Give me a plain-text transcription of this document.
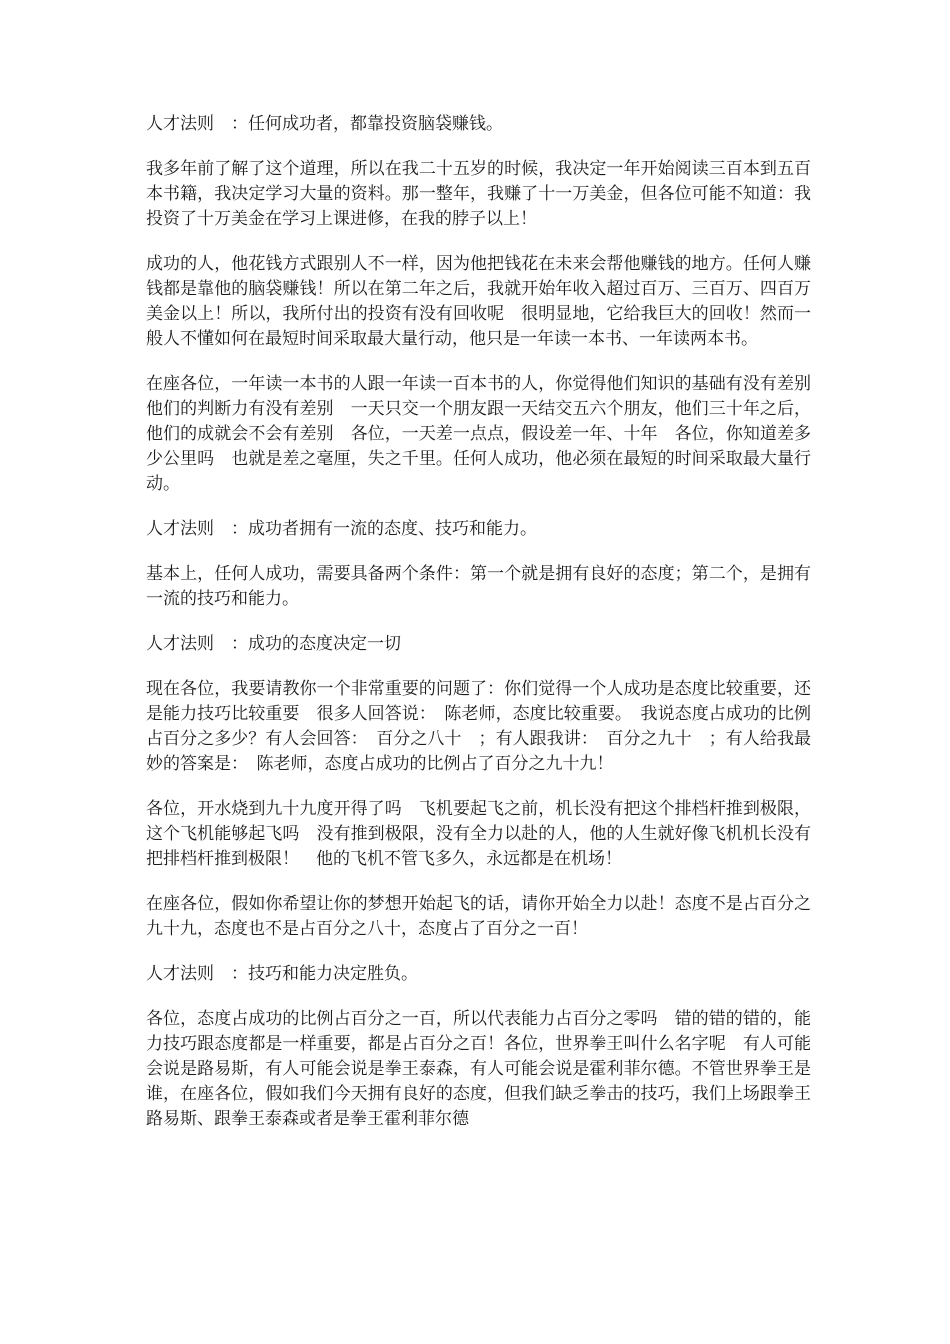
人才法则　：任何成功者，都靠投资脑袋赚钱。

我多年前了解了这个道理，所以在我二十五岁的时候，我决定一年开始阅读三百本到五百本书籍，我决定学习大量的资料。那一整年，我赚了十一万美金，但各位可能不知道：我投资了十万美金在学习上课进修，在我的脖子以上！

成功的人，他花钱方式跟别人不一样，因为他把钱花在未来会帮他赚钱的地方。任何人赚钱都是靠他的脑袋赚钱！所以在第二年之后，我就开始年收入超过百万、三百万、四百万美金以上！所以，我所付出的投资有没有回收呢　很明显地，它给我巨大的回收！然而一般人不懂如何在最短时间采取最大量行动，他只是一年读一本书、一年读两本书。

在座各位，一年读一本书的人跟一年读一百本书的人，你觉得他们知识的基础有没有差别　他们的判断力有没有差别　一天只交一个朋友跟一天结交五六个朋友，他们三十年之后，他们的成就会不会有差别　各位，一天差一点点，假设差一年、十年　各位，你知道差多少公里吗　也就是差之毫厘，失之千里。任何人成功，他必须在最短的时间采取最大量行动。

人才法则　：成功者拥有一流的态度、技巧和能力。

基本上，任何人成功，需要具备两个条件：第一个就是拥有良好的态度；第二个，是拥有一流的技巧和能力。

人才法则　：成功的态度决定一切

现在各位，我要请教你一个非常重要的问题了：你们觉得一个人成功是态度比较重要，还是能力技巧比较重要　很多人回答说：　陈老师，态度比较重要。　我说态度占成功的比例占百分之多少？有人会回答：　百分之八十　；有人跟我讲：　百分之九十　；有人给我最妙的答案是：　陈老师，态度占成功的比例占了百分之九十九！

各位，开水烧到九十九度开得了吗　飞机要起飞之前，机长没有把这个排档杆推到极限，这个飞机能够起飞吗　没有推到极限，没有全力以赴的人，他的人生就好像飞机机长没有把排档杆推到极限！　他的飞机不管飞多久，永远都是在机场！

在座各位，假如你希望让你的梦想开始起飞的话，请你开始全力以赴！态度不是占百分之九十九，态度也不是占百分之八十，态度占了百分之一百！

人才法则　：技巧和能力决定胜负。

各位，态度占成功的比例占百分之一百，所以代表能力占百分之零吗　错的错的错的，能力技巧跟态度都是一样重要，都是占百分之百！各位，世界拳王叫什么名字呢　有人可能会说是路易斯，有人可能会说是拳王泰森，有人可能会说是霍利菲尔德。不管世界拳王是谁，在座各位，假如我们今天拥有良好的态度，但我们缺乏拳击的技巧，我们上场跟拳王路易斯、跟拳王泰森或者是拳王霍利菲尔德
